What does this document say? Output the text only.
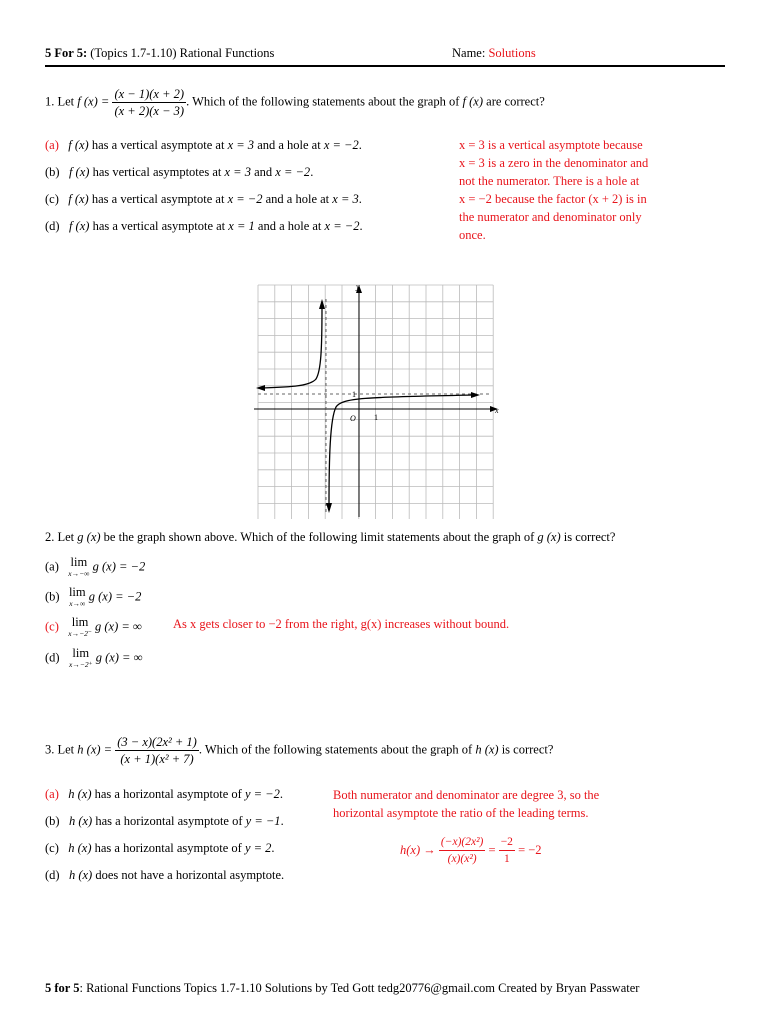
5 For 5: (Topics 1.7-1.10) Rational Functions	Name: Solutions
1. Let f $(x) = \frac{(x - 1)(x + 2)}{(x + 2)(x - 3)}$ . Which of the following statements about the graph of f (x) are correct?
(a) f (x) has a vertical asymptote at x = 3 and a hole at x = −2.
(b) f (x) has vertical asymptotes at x = 3 and x = −2.
(c) f (x) has a vertical asymptote at x = −2 and a hole at x = 3.
(d) f (x) has a vertical asymptote at x = 1 and a hole at x = −2.
x = 3 is a vertical asymptote because
x = 3 is a zero in the denominator and
not the numerator. There is a hole at
x = −2 because the factor (x + 2) is in
the numerator and denominator only
once.
y
x
O 1
1
2. Let g (x) be the graph shown above. Which of the following limit statements about the graph of g (x) is correct?
(a) lim
x→−∞ g (x) = −2
(b) lim
x→∞ g (x) = −2
(c) lim
x→−2⁻ g (x) = ∞ As x gets closer to −2 from the right, g(x) increases without bound.
(d) lim
x→−2⁺ g (x) = ∞
3. Let h $(x) = \frac{\text{(3 − x)(2x² + 1)}}{\text{(x + 1)(x² + 7)}}$ . Which of the following statements about the graph of h (x) is correct?
(a) h (x) has a horizontal asymptote of y = −2.
(b) h (x) has a horizontal asymptote of y = −1.
(c) h (x) has a horizontal asymptote of y = 2.
(d) h (x) does not have a horizontal asymptote.
Both numerator and denominator are degree 3, so the
horizontal asymptote the ratio of the leading terms.
$h(x) \to \frac{\text{(−x)(2x²)}}{\text{(x)(x²)}} = \frac{-2}{1} = -2$
5 for 5: Rational Functions Topics 1.7-1.10 Solutions by Ted Gott tedg20776@gmail.com Created by Bryan Passwater
